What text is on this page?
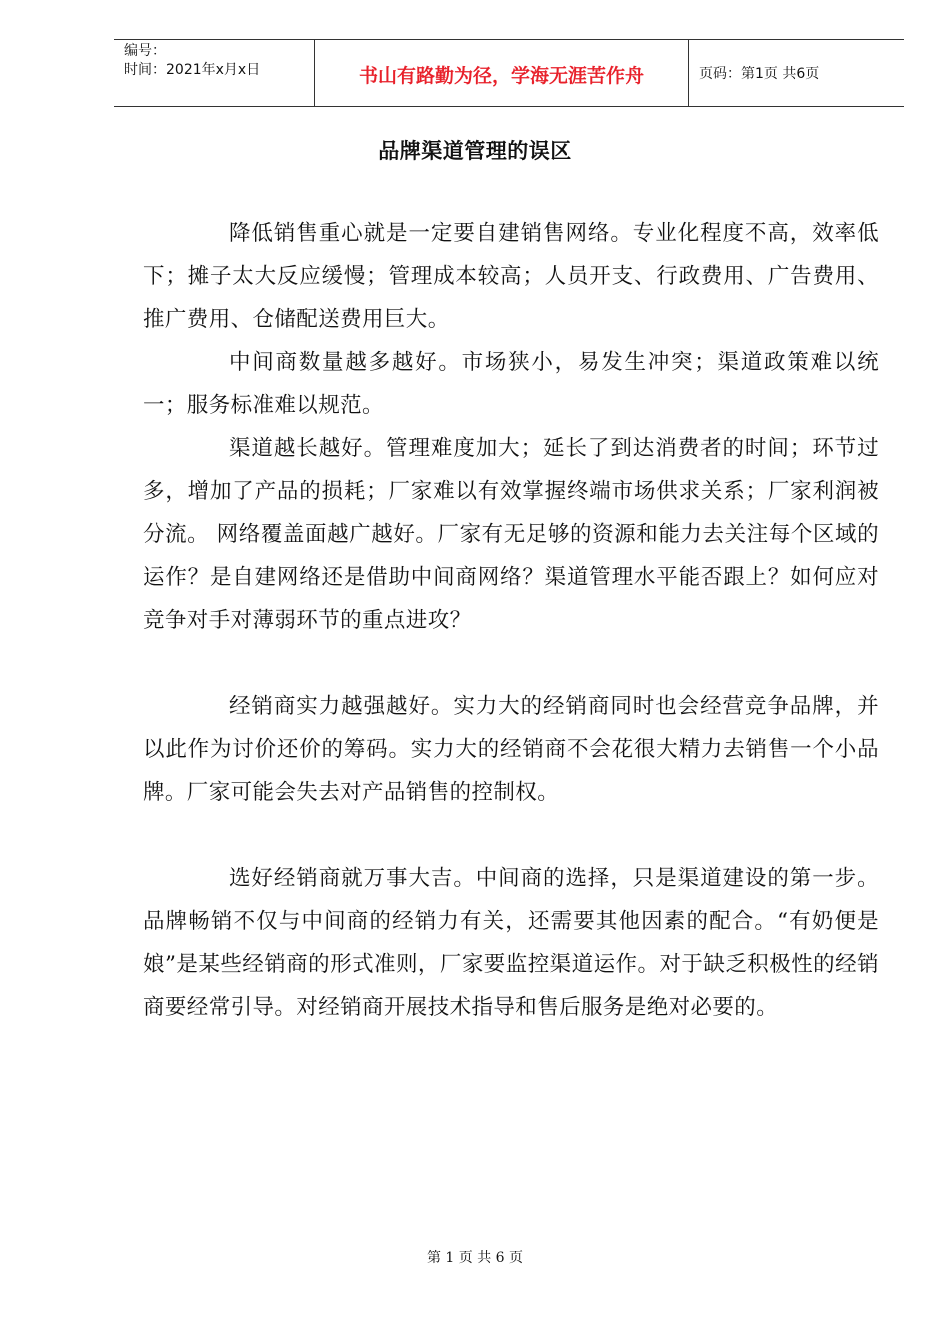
编号：
时间：2021年x月x日	书山有路勤为径，学海无涯苦作舟	页码：第1页 共6页
品牌渠道管理的误区

降低销售重心就是一定要自建销售网络。专业化程度不高，效率低下；摊子太大反应缓慢；管理成本较高；人员开支、行政费用、广告费用、推广费用、仓储配送费用巨大。

中间商数量越多越好。市场狭小，易发生冲突；渠道政策难以统一；服务标准难以规范。

渠道越长越好。管理难度加大；延长了到达消费者的时间；环节过多，增加了产品的损耗；厂家难以有效掌握终端市场供求关系；厂家利润被分流。 网络覆盖面越广越好。厂家有无足够的资源和能力去关注每个区域的运作？是自建网络还是借助中间商网络？渠道管理水平能否跟上？如何应对竞争对手对薄弱环节的重点进攻？

经销商实力越强越好。实力大的经销商同时也会经营竞争品牌，并以此作为讨价还价的筹码。实力大的经销商不会花很大精力去销售一个小品牌。厂家可能会失去对产品销售的控制权。

选好经销商就万事大吉。中间商的选择，只是渠道建设的第一步。品牌畅销不仅与中间商的经销力有关，还需要其他因素的配合。“有奶便是娘”是某些经销商的形式准则，厂家要监控渠道运作。对于缺乏积极性的经销商要经常引导。对经销商开展技术指导和售后服务是绝对必要的。

第 1 页 共 6 页
